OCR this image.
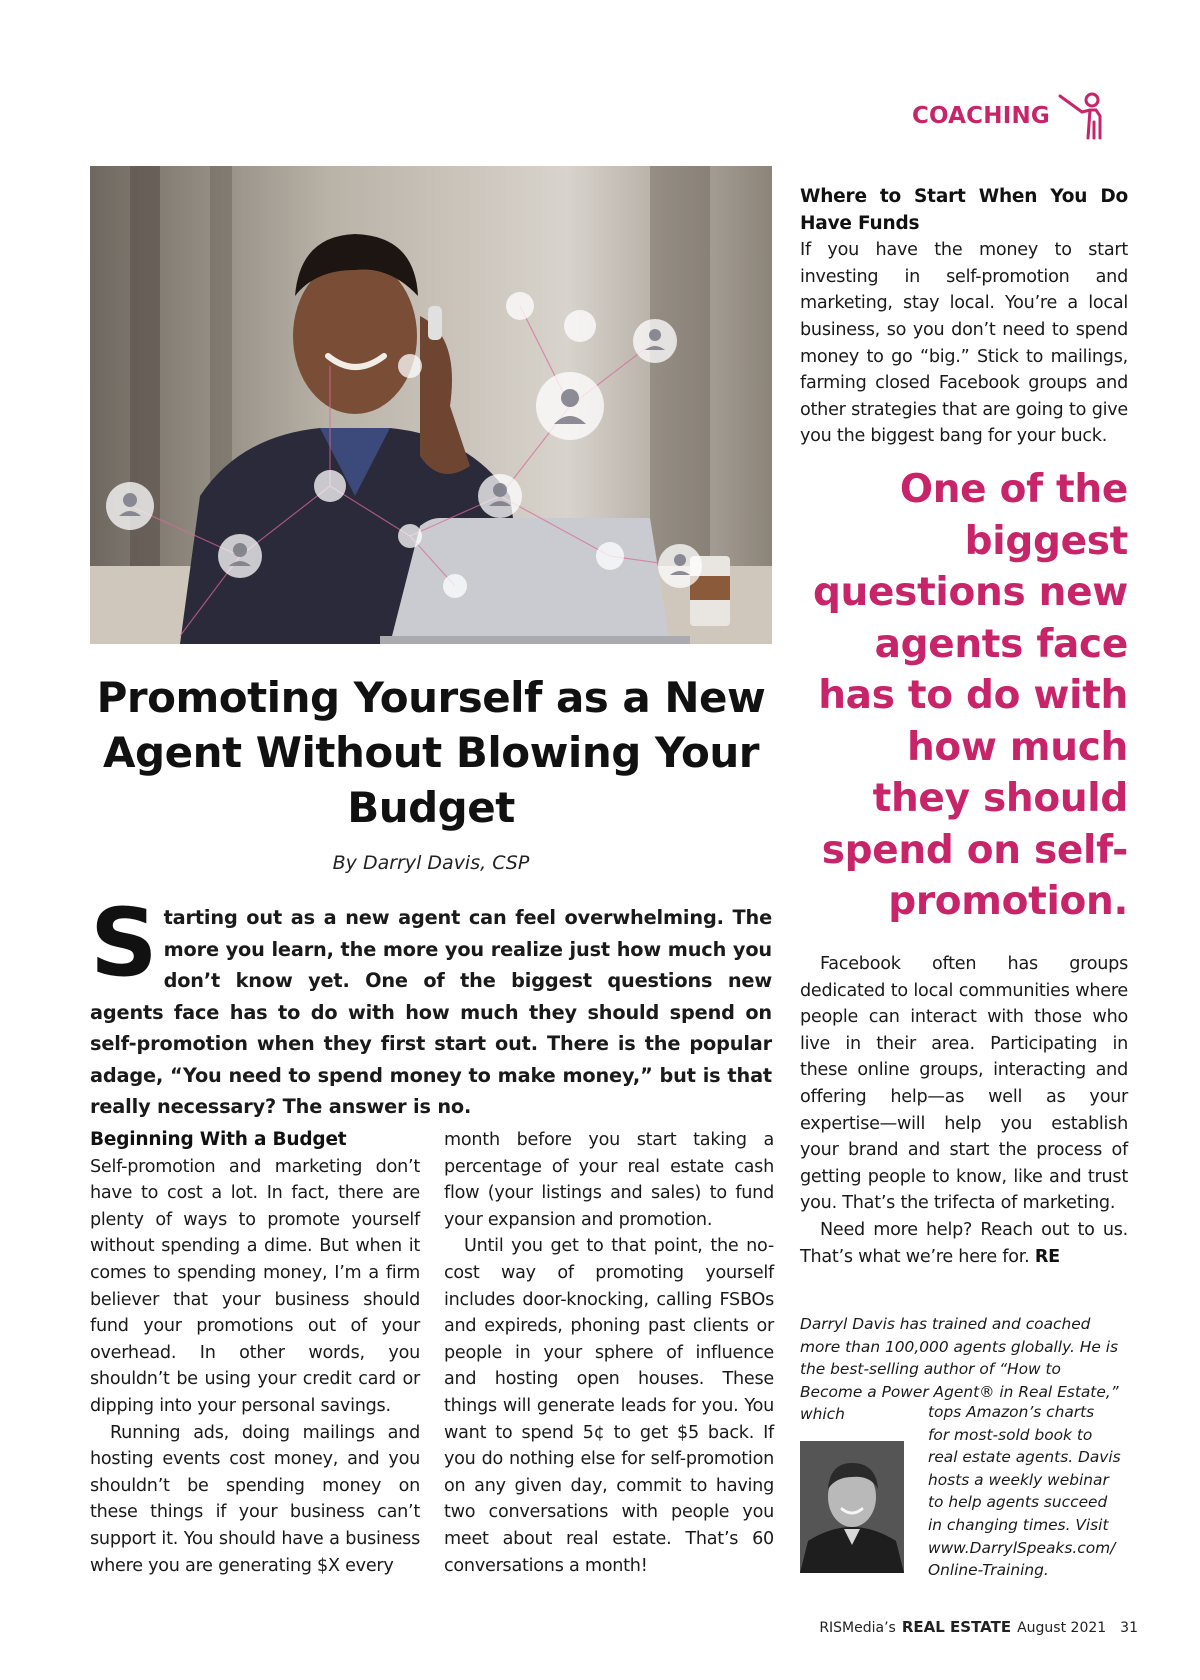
COACHING
Promoting Yourself as a New Agent Without Blowing Your Budget
By Darryl Davis, CSP
Starting out as a new agent can feel overwhelming. The more you learn, the more you realize just how much you don’t know yet. One of the biggest questions new agents face has to do with how much they should spend on self-promotion when they first start out. There is the popular adage, “You need to spend money to make money,” but is that really necessary? The answer is no.
Beginning With a Budget

Self-promotion and marketing don’t have to cost a lot. In fact, there are plenty of ways to promote yourself without spending a dime. But when it comes to spending money, I’m a firm believer that your business should fund your promotions out of your overhead. In other words, you shouldn’t be using your credit card or dipping into your personal savings.

Running ads, doing mailings and hosting events cost money, and you shouldn’t be spending money on these things if your business can’t support it. You should have a business where you are generating $X every

month before you start taking a percentage of your real estate cash flow (your listings and sales) to fund your expansion and promotion.

Until you get to that point, the no-cost way of promoting yourself includes door-knocking, calling FSBOs and expireds, phoning past clients or people in your sphere of influence and hosting open houses. These things will generate leads for you. You want to spend 5¢ to get $5 back. If you do nothing else for self-promotion on any given day, commit to having two conversations with people you meet about real estate. That’s 60 conversations a month!

Where to Start When You Do Have Funds

If you have the money to start investing in self-promotion and marketing, stay local. You’re a local business, so you don’t need to spend money to go “big.” Stick to mailings, farming closed Facebook groups and other strategies that are going to give you the biggest bang for your buck.

One of the biggest questions new agents face has to do with how much they should spend on self-promotion.

Facebook often has groups dedicated to local communities where people can interact with those who live in their area. Participating in these online groups, interacting and offering help—as well as your expertise—will help you establish your brand and start the process of getting people to know, like and trust you. That’s the trifecta of marketing.

Need more help? Reach out to us. That’s what we’re here for. RE

Darryl Davis has trained and coached more than 100,000 agents globally. He is the best-selling author of “How to Become a Power Agent® in Real Estate,” which	tops Amazon’s charts
for most-sold book to
real estate agents. Davis
hosts a weekly webinar
to help agents succeed
in changing times. Visit
www.DarrylSpeaks.com/
Online-Training.
RISMedia’s REAL ESTATE August 2021 31
